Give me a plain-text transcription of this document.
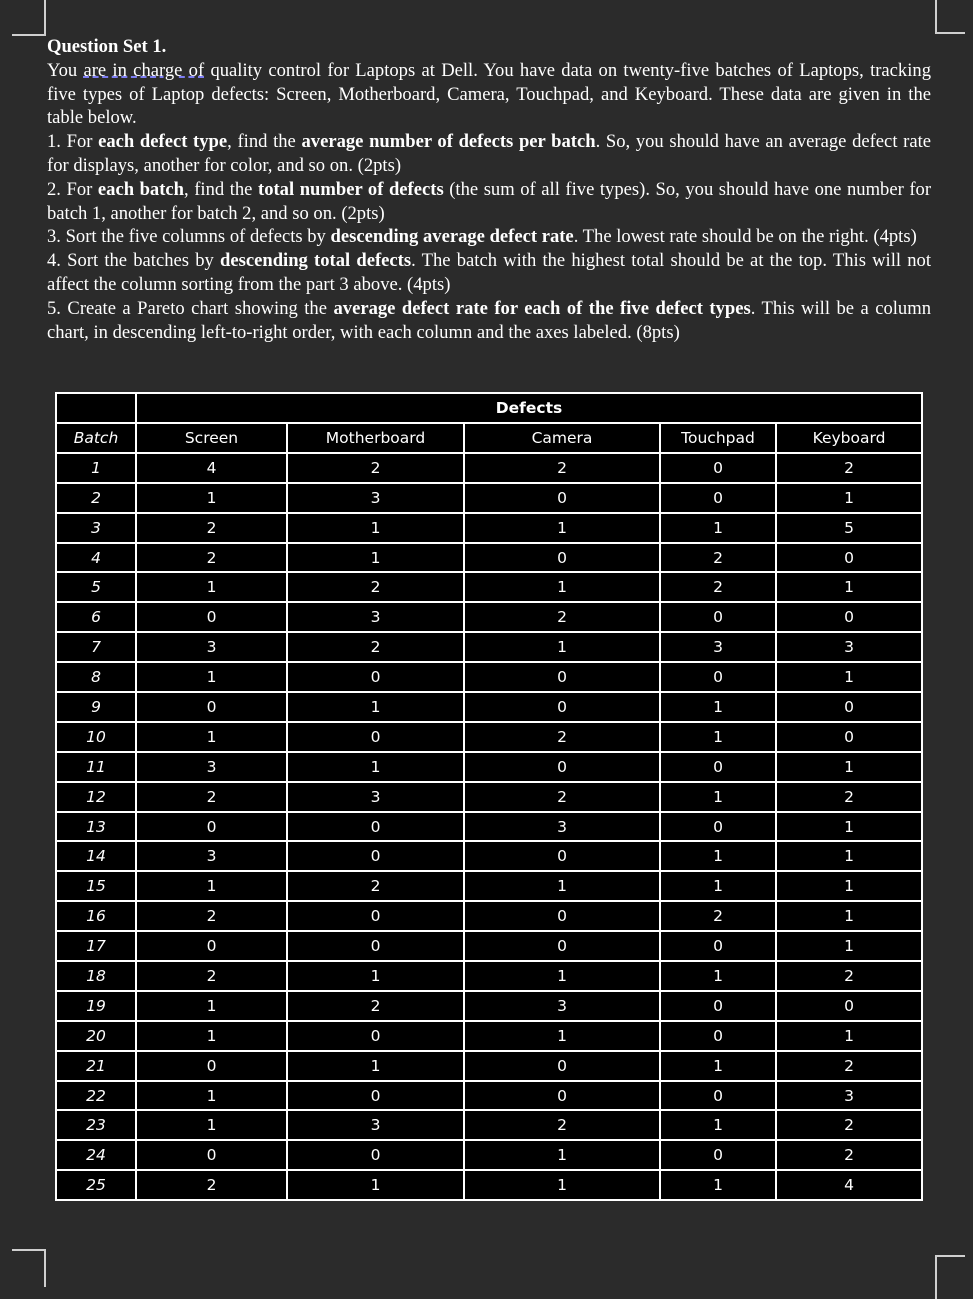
Question Set 1.

You are in charge of quality control for Laptops at Dell. You have data on twenty-five batches of Laptops, tracking five types of Laptop defects: Screen, Motherboard, Camera, Touchpad, and Keyboard. These data are given in the table below.

1. For each defect type, find the average number of defects per batch. So, you should have an average defect rate for displays, another for color, and so on. (2pts)

2. For each batch, find the total number of defects (the sum of all five types). So, you should have one number for batch 1, another for batch 2, and so on. (2pts)

3. Sort the five columns of defects by descending average defect rate. The lowest rate should be on the right. (4pts)

4. Sort the batches by descending total defects. The batch with the highest total should be at the top. This will not affect the column sorting from the part 3 above. (4pts)

5. Create a Pareto chart showing the average defect rate for each of the five defect types. This will be a column chart, in descending left-to-right order, with each column and the axes labeled. (8pts)

	Defects				
Batch	Screen	Motherboard	Camera	Touchpad	Keyboard
1	4	2	2	0	2
2	1	3	0	0	1
3	2	1	1	1	5
4	2	1	0	2	0
5	1	2	1	2	1
6	0	3	2	0	0
7	3	2	1	3	3
8	1	0	0	0	1
9	0	1	0	1	0
10	1	0	2	1	0
11	3	1	0	0	1
12	2	3	2	1	2
13	0	0	3	0	1
14	3	0	0	1	1
15	1	2	1	1	1
16	2	0	0	2	1
17	0	0	0	0	1
18	2	1	1	1	2
19	1	2	3	0	0
20	1	0	1	0	1
21	0	1	0	1	2
22	1	0	0	0	3
23	1	3	2	1	2
24	0	0	1	0	2
25	2	1	1	1	4
